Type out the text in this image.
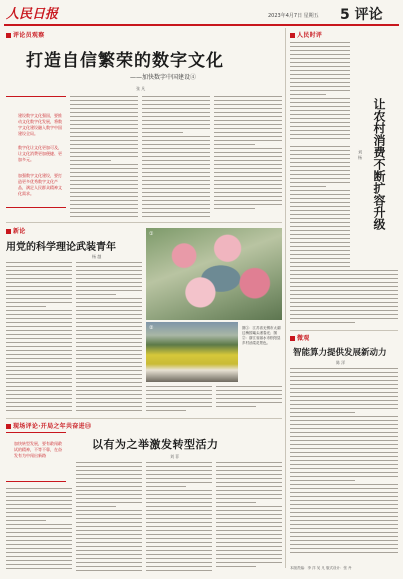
人民日报	2023年4月7日 星期五 5 评论
评论员观察
打造自信繁荣的数字文化
——加快数字中国建设④
张 凡
建设数字文化强国，要推动文化数字化发展，将数字文化建设融入数字中国建设全局。
数字化让文化更加可及，让文化消费更加便捷、更加多元。
加强数字文化建设，要打造更多优秀数字文化产品，满足人民群众精神文化需求。
新论
用党的科学理论武装青年
杨 越
①
②	图①：江苏省无锡市太湖边梅园鼋头渚春光；图②：浙江省丽水市松阳县乡村油菜花景色。
现场评论·开局之年共奋进⑬
加快转型发展，要有敢闯敢试的精神，不等不靠，在奋发有为中闯出新路
以有为之举激发转型活力
刘 菲
人民时评
让农村消费不断扩容升级
刘 杨
微观
智能算力提供发展新动力
陈 洋
本版责编：李 洋 吴 凡 版式设计：张 丹
